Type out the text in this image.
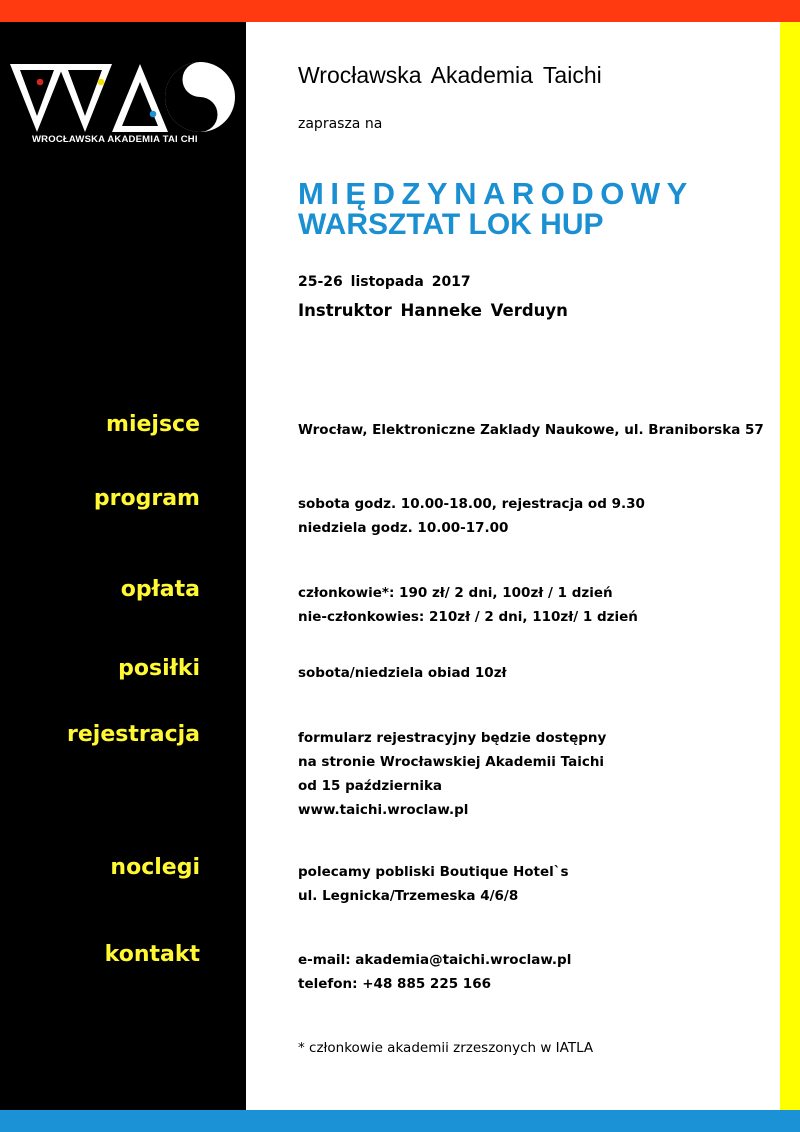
WROCŁAWSKA AKADEMIA TAI CHI
Wrocławska Akademia Taichi
zaprasza na
MIĘDZYNARODOWY
WARSZTAT LOK HUP
25-26 listopada 2017
Instruktor Hanneke Verduyn
miejsce	Wrocław, Elektroniczne Zaklady Naukowe, ul. Braniborska 57
program	sobota godz. 10.00-18.00, rejestracja od 9.30
niedziela godz. 10.00-17.00
opłata	członkowie*: 190 zł/ 2 dni, 100zł / 1 dzień
nie-członkowies: 210zł / 2 dni, 110zł/ 1 dzień
posiłki	sobota/niedziela obiad 10zł
rejestracja	formularz rejestracyjny będzie dostępny
na stronie Wrocławskiej Akademii Taichi
od 15 października
www.taichi.wroclaw.pl
noclegi	polecamy pobliski Boutique Hotel`s
ul. Legnicka/Trzemeska 4/6/8
kontakt	e-mail: akademia@taichi.wroclaw.pl
telefon: +48 885 225 166
* członkowie akademii zrzeszonych w IATLA
